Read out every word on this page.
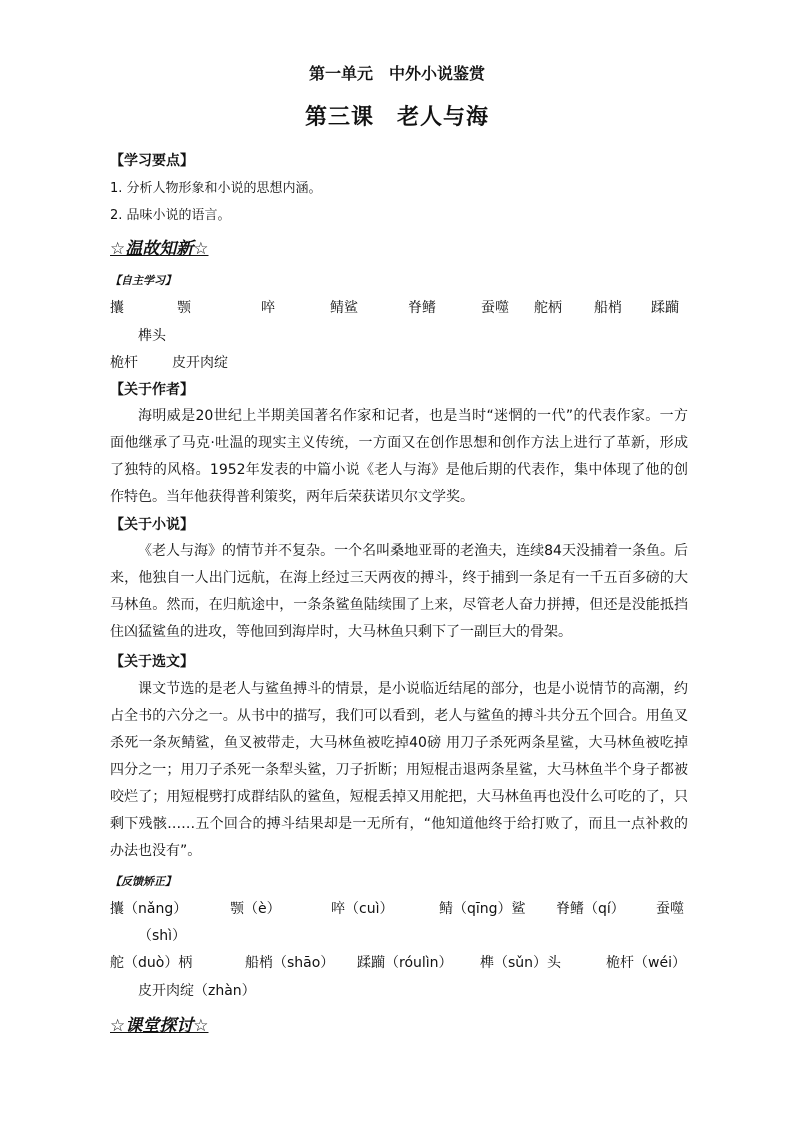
第一单元　中外小说鉴赏
第三课　老人与海
【学习要点】
1. 分析人物形象和小说的思想内涵。
2. 品味小说的语言。
☆温故知新☆
【自主学习】
攮	颚	啐	鲭鲨	脊鳍	蚕噬 舵柄 船梢 蹂躏
榫头
桅杆 皮开肉绽
【关于作者】

海明威是20世纪上半期美国著名作家和记者，也是当时“迷惘的一代”的代表作家。一方面他继承了马克·吐温的现实主义传统，一方面又在创作思想和创作方法上进行了革新，形成了独特的风格。1952年发表的中篇小说《老人与海》是他后期的代表作，集中体现了他的创作特色。当年他获得普利策奖，两年后荣获诺贝尔文学奖。

【关于小说】

《老人与海》的情节并不复杂。一个名叫桑地亚哥的老渔夫，连续84天没捕着一条鱼。后来，他独自一人出门远航，在海上经过三天两夜的搏斗，终于捕到一条足有一千五百多磅的大马林鱼。然而，在归航途中，一条条鲨鱼陆续围了上来，尽管老人奋力拼搏，但还是没能抵挡住凶猛鲨鱼的进攻，等他回到海岸时，大马林鱼只剩下了一副巨大的骨架。

【关于选文】

课文节选的是老人与鲨鱼搏斗的情景，是小说临近结尾的部分，也是小说情节的高潮，约占全书的六分之一。从书中的描写，我们可以看到，老人与鲨鱼的搏斗共分五个回合。用鱼叉杀死一条灰鲭鲨，鱼叉被带走，大马林鱼被吃掉40磅 用刀子杀死两条星鲨，大马林鱼被吃掉四分之一；用刀子杀死一条犁头鲨，刀子折断；用短棍击退两条星鲨，大马林鱼半个身子都被咬烂了；用短棍劈打成群结队的鲨鱼，短棍丢掉又用舵把，大马林鱼再也没什么可吃的了，只剩下残骸……五个回合的搏斗结果却是一无所有，“他知道他终于给打败了，而且一点补救的办法也没有”。

【反馈矫正】
攮（nǎng）	颚（è）	啐（cuì）	鲭（qīng）鲨 脊鳍（qí） 蚕噬
（shì）
舵（duò）柄	船梢（shāo） 蹂躏（róulìn） 榫（sǔn）头	桅杆（wéi）
皮开肉绽（zhàn）
☆课堂探讨☆
